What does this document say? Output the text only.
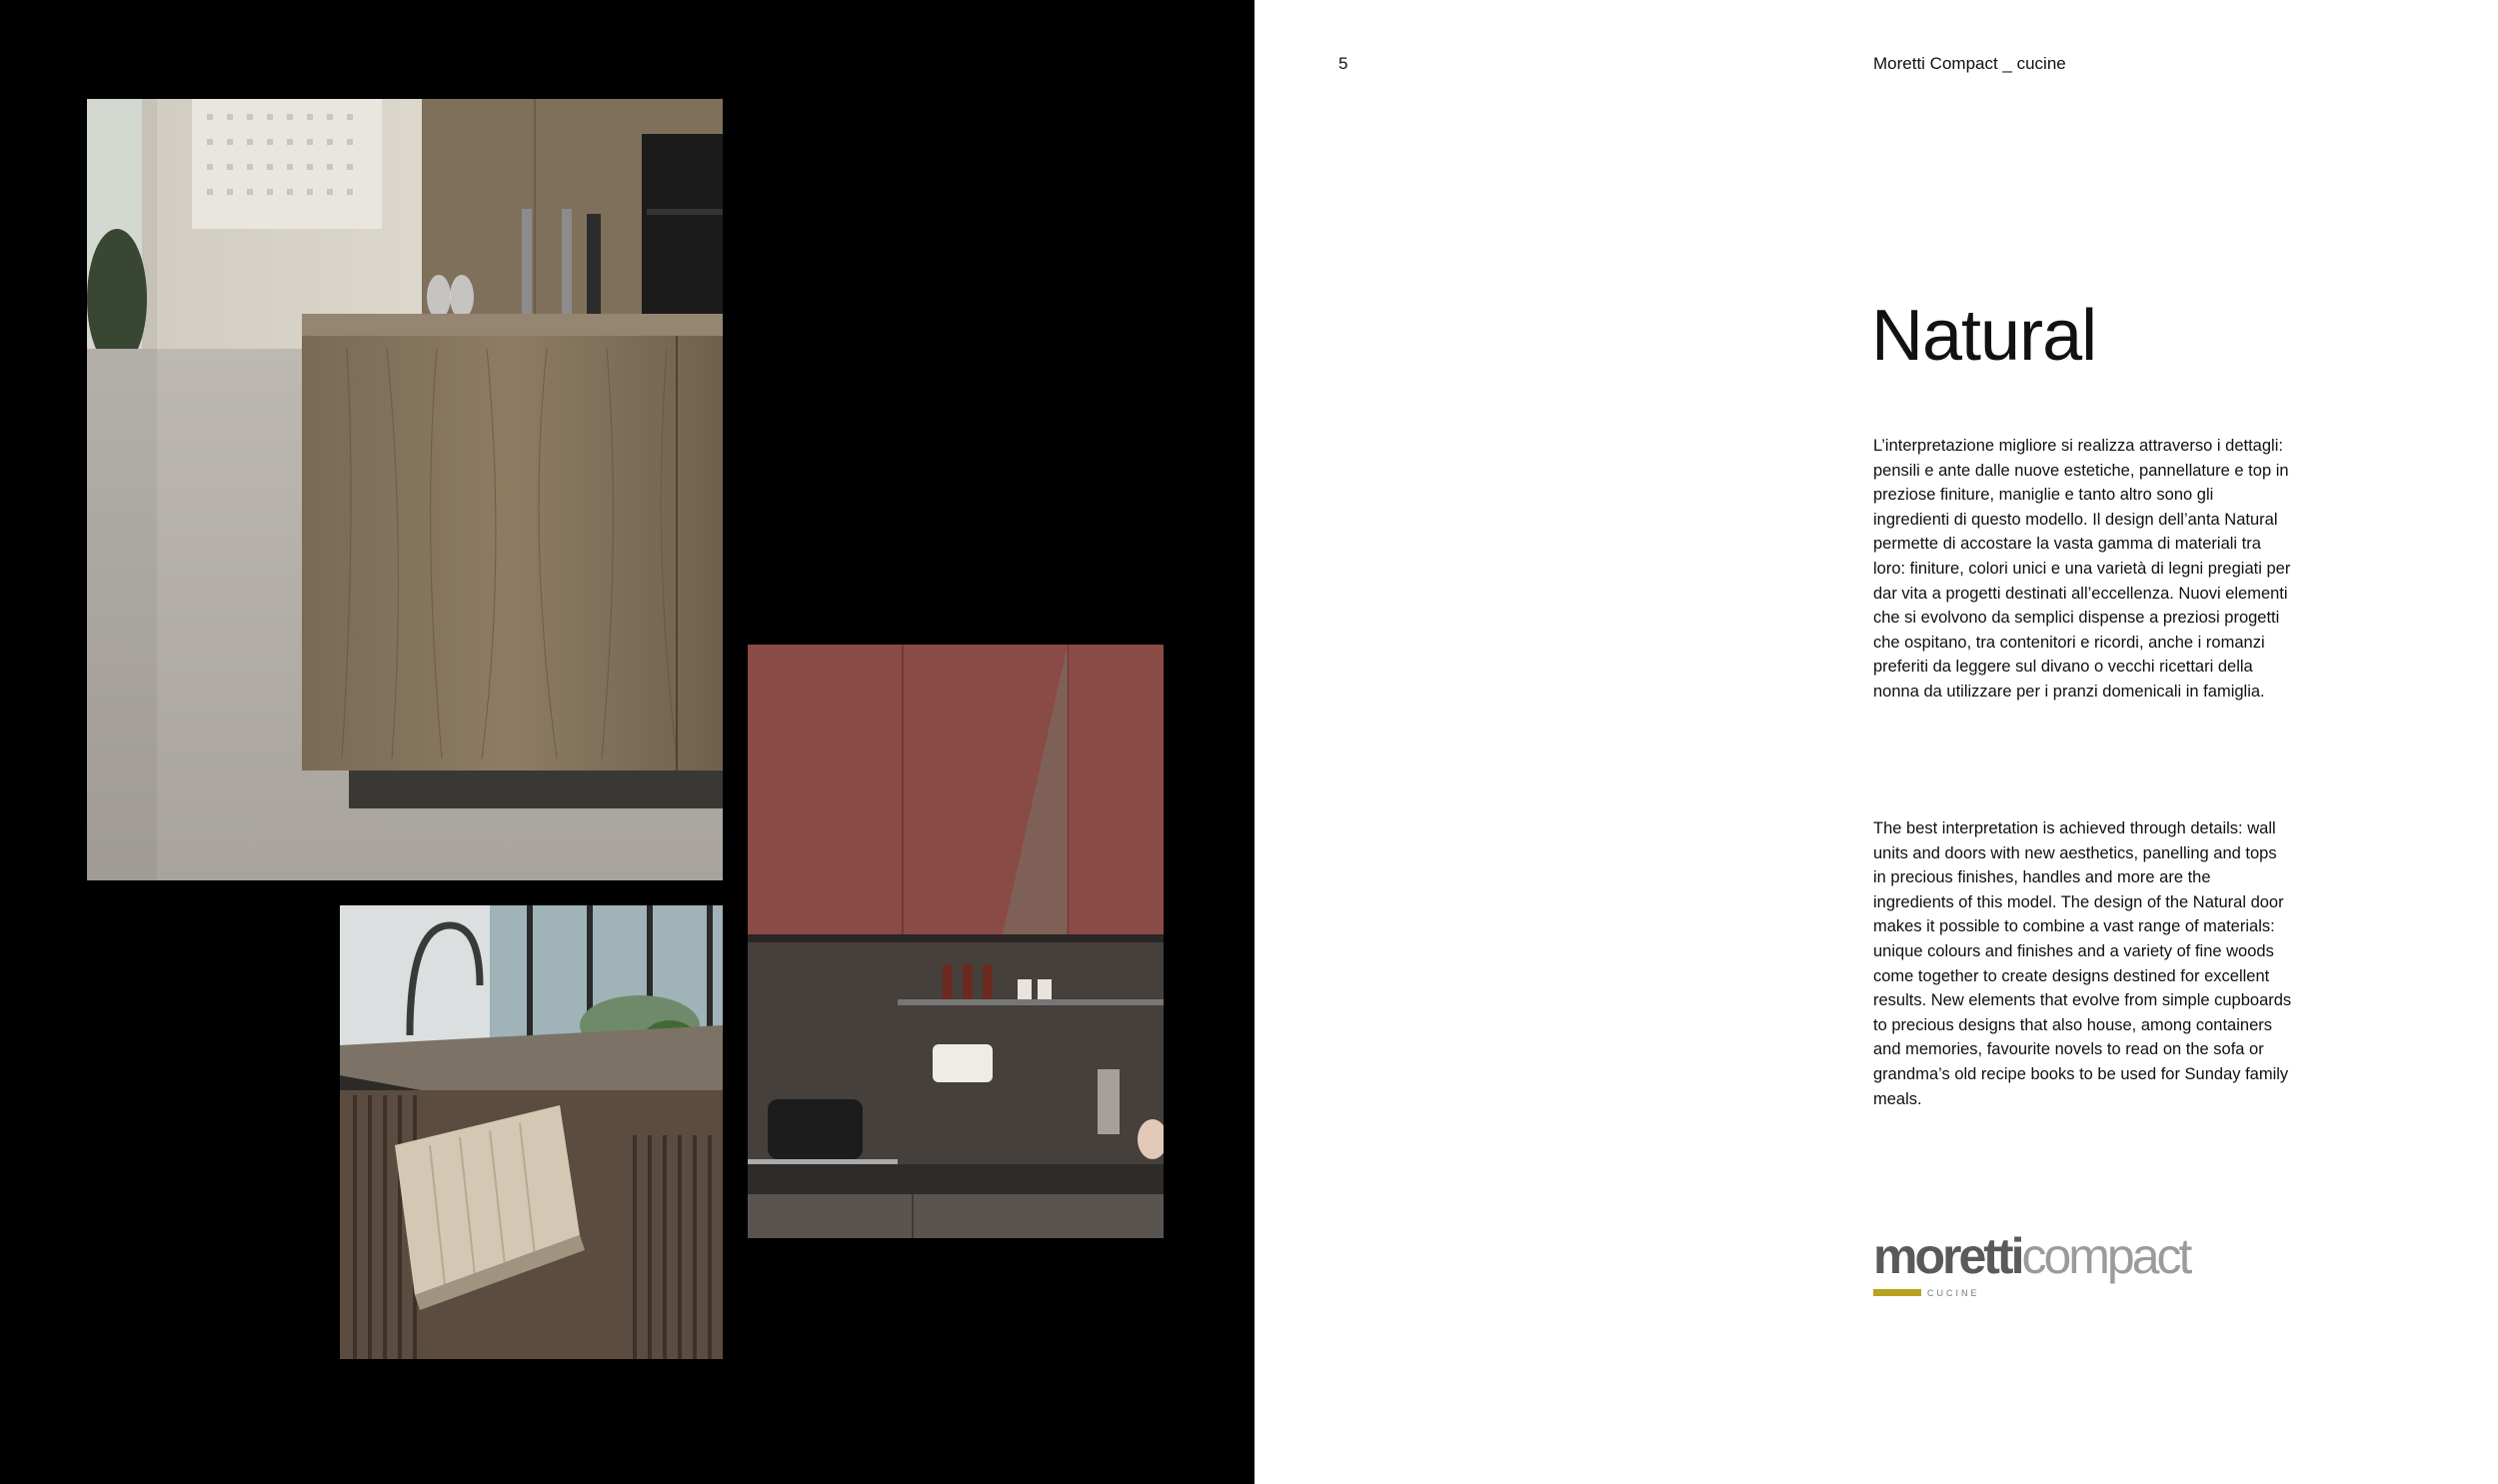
5	Moretti Compact _ cucine
Natural

L’interpretazione migliore si realizza attraverso i dettagli: pensili e ante dalle nuove estetiche, pannellature e top in preziose finiture, maniglie e tanto altro sono gli ingredienti di questo modello. Il design dell’anta Natural permette di accostare la vasta gamma di materiali tra loro: finiture, colori unici e una varietà di legni pregiati per dar vita a progetti destinati all’eccellenza. Nuovi elementi che si evolvono da semplici dispense a preziosi progetti che ospitano, tra contenitori e ricordi, anche i romanzi preferiti da leggere sul divano o vecchi ricettari della nonna da utilizzare per i pranzi domenicali in famiglia.

The best interpretation is achieved through details: wall units and doors with new aesthetics, panelling and tops in precious finishes, handles and more are the ingredients of this model. The design of the Natural door makes it possible to combine a vast range of materials: unique colours and finishes and a variety of fine woods come together to create designs destined for excellent results. New elements that evolve from simple cupboards to precious designs that also house, among containers and memories, favourite novels to read on the sofa or grandma’s old recipe books to be used for Sunday family meals.

moretticompact
CUCINE
